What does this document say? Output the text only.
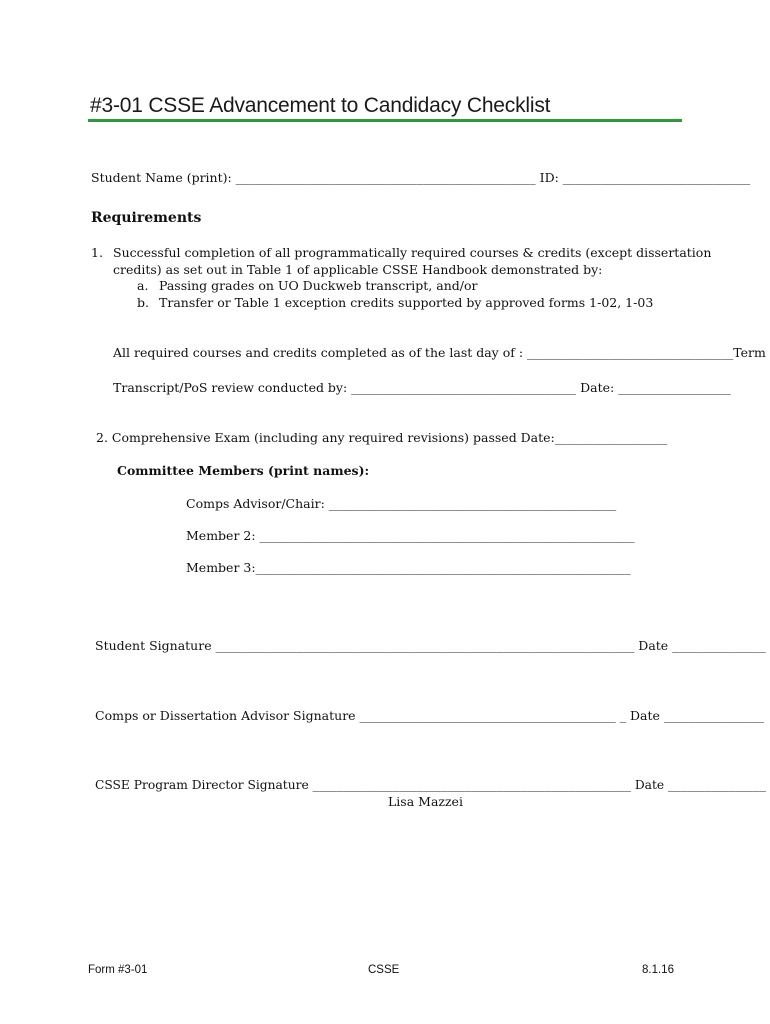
#3-01 CSSE Advancement to Candidacy Checklist
Student Name (print): ________________________________________________ ID: ______________________________
Requirements
1. Successful completion of all programmatically required courses & credits (except dissertation
credits) as set out in Table 1 of applicable CSSE Handbook demonstrated by:
a. Passing grades on UO Duckweb transcript, and/or
b. Transfer or Table 1 exception credits supported by approved forms 1-02, 1-03
All required courses and credits completed as of the last day of : _________________________________Term
Transcript/PoS review conducted by: ____________________________________ Date: __________________
2. Comprehensive Exam (including any required revisions) passed Date:__________________
Committee Members (print names):
Comps Advisor/Chair: ______________________________________________
Member 2: ____________________________________________________________
Member 3:____________________________________________________________
Student Signature ___________________________________________________________________ Date _______________
Comps or Dissertation Advisor Signature _________________________________________ _ Date ________________
CSSE Program Director Signature ____________________________________________________ Date ________________
Lisa Mazzei
Form #3-01	CSSE	8.1.16
